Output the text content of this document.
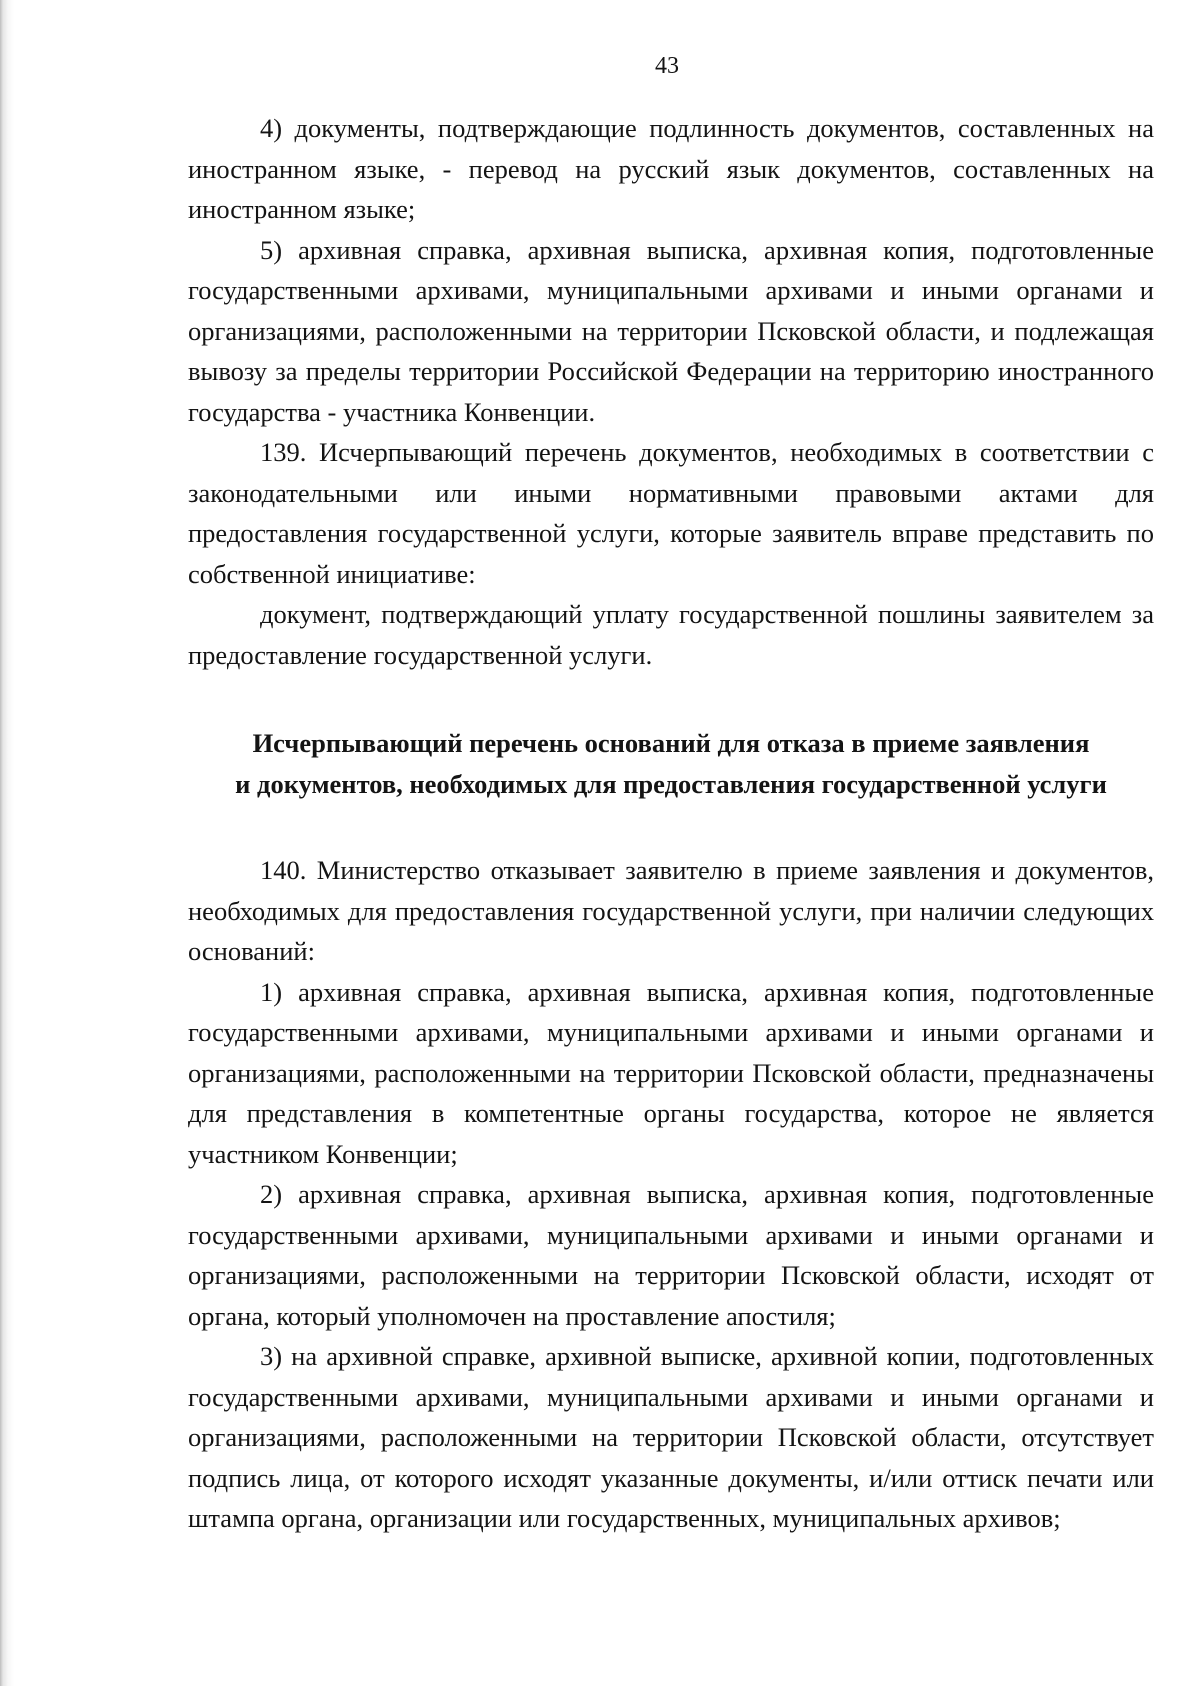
43

4) документы, подтверждающие подлинность документов, составленных на иностранном языке, - перевод на русский язык документов, составленных на иностранном языке;

5) архивная справка, архивная выписка, архивная копия, подготовленные государственными архивами, муниципальными архивами и иными органами и организациями, расположенными на территории Псковской области, и подлежащая вывозу за пределы территории Российской Федерации на территорию иностранного государства - участника Конвенции.

139. Исчерпывающий перечень документов, необходимых в соответствии с законодательными или иными нормативными правовыми актами для предоставления государственной услуги, которые заявитель вправе представить по собственной инициативе:

документ, подтверждающий уплату государственной пошлины заявителем за предоставление государственной услуги.

Исчерпывающий перечень оснований для отказа в приеме заявления
и документов, необходимых для предоставления государственной услуги

140. Министерство отказывает заявителю в приеме заявления и документов, необходимых для предоставления государственной услуги, при наличии следующих оснований:

1) архивная справка, архивная выписка, архивная копия, подготовленные государственными архивами, муниципальными архивами и иными органами и организациями, расположенными на территории Псковской области, предназначены для представления в компетентные органы государства, которое не является участником Конвенции;

2) архивная справка, архивная выписка, архивная копия, подготовленные государственными архивами, муниципальными архивами и иными органами и организациями, расположенными на территории Псковской области, исходят от органа, который уполномочен на проставление апостиля;

3) на архивной справке, архивной выписке, архивной копии, подготовленных государственными архивами, муниципальными архивами и иными органами и организациями, расположенными на территории Псковской области, отсутствует подпись лица, от которого исходят указанные документы, и/или оттиск печати или штампа органа, организации или государственных, муниципальных архивов;
